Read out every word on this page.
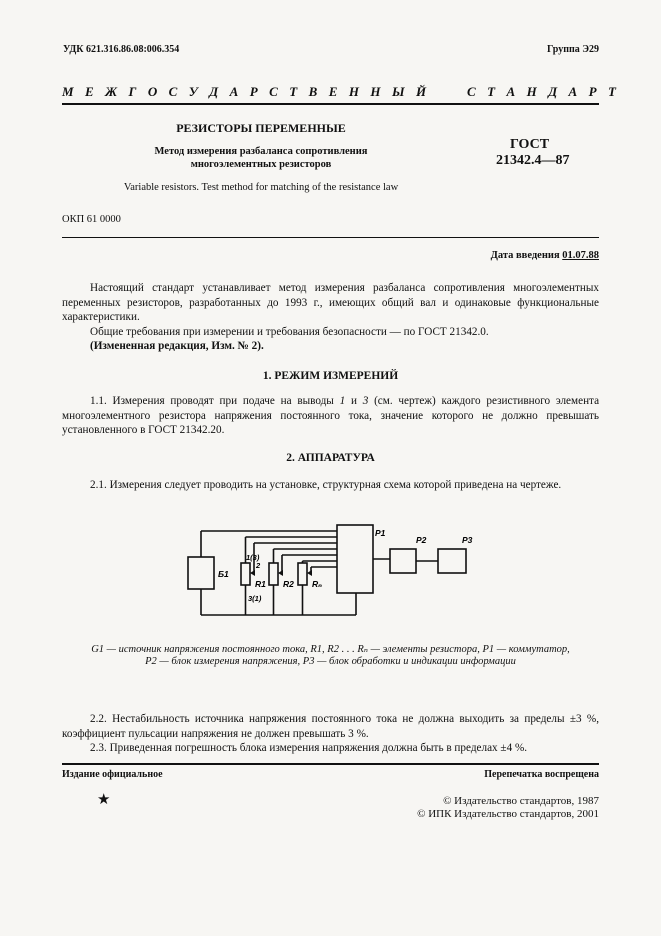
УДК 621.316.86.08:006.354	Группа Э29
М Е Ж Г О С У Д А Р С Т В Е Н Н Ы Й     С Т А Н Д А Р Т
РЕЗИСТОРЫ ПЕРЕМЕННЫЕ
Метод измерения разбаланса сопротивления
многоэлементных резисторов
Variable resistors. Test method for matching of the resistance law
ГОСТ
21342.4—87
ОКП 61 0000
Дата введения 01.07.88
Настоящий стандарт устанавливает метод измерения разбаланса сопротивления многоэлементных переменных резисторов, разработанных до 1993 г., имеющих общий вал и одинаковые функциональные характеристики.
Общие требования при измерении и требования безопасности — по ГОСТ 21342.0.
(Измененная редакция, Изм. № 2).
1. РЕЖИМ ИЗМЕРЕНИЙ
1.1. Измерения проводят при подаче на выводы 1 и 3 (см. чертеж) каждого резистивного элемента многоэлементного резистора напряжения постоянного тока, значение которого не должно превышать установленного в ГОСТ 21342.20.
2. АППАРАТУРА
2.1. Измерения следует проводить на установке, структурная схема которой приведена на чертеже.
Б1
R1 R2 Rₙ
P1
P2	P3
1(3)
2
3(1)
G1 — источник напряжения постоянного тока, R1, R2 . . . Rₙ — элементы резистора, P1 — коммутатор,
P2 — блок измерения напряжения, P3 — блок обработки и индикации информации
2.2. Нестабильность источника напряжения постоянного тока не должна выходить за пределы ±3 %, коэффициент пульсации напряжения не должен превышать 3 %.
2.3. Приведенная погрешность блока измерения напряжения должна быть в пределах ±4 %.
Издание официальное	Перепечатка воспрещена
★	© Издательство стандартов, 1987
© ИПК Издательство стандартов, 2001
